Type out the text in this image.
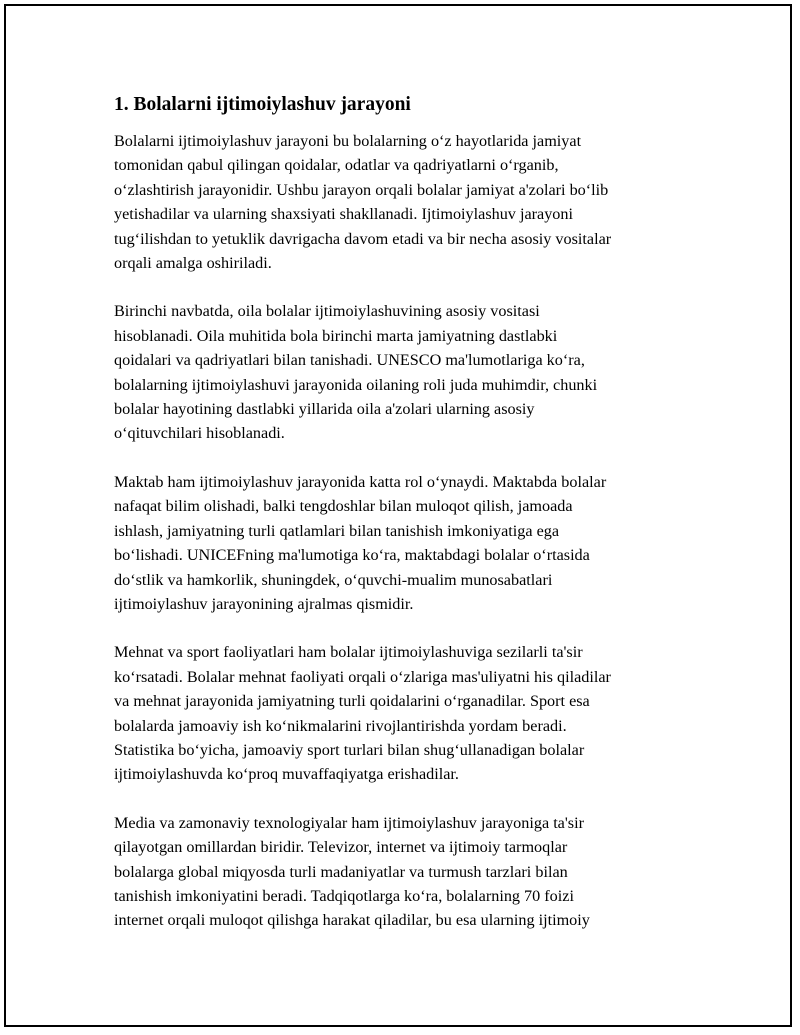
1. Bolalarni ijtimoiylashuv jarayoni
Bolalarni ijtimoiylashuv jarayoni bu bolalarning o‘z hayotlarida jamiyat
tomonidan qabul qilingan qoidalar, odatlar va qadriyatlarni o‘rganib,
o‘zlashtirish jarayonidir. Ushbu jarayon orqali bolalar jamiyat a'zolari bo‘lib
yetishadilar va ularning shaxsiyati shakllanadi. Ijtimoiylashuv jarayoni
tug‘ilishdan to yetuklik davrigacha davom etadi va bir necha asosiy vositalar
orqali amalga oshiriladi.
Birinchi navbatda, oila bolalar ijtimoiylashuvining asosiy vositasi
hisoblanadi. Oila muhitida bola birinchi marta jamiyatning dastlabki
qoidalari va qadriyatlari bilan tanishadi. UNESCO ma'lumotlariga ko‘ra,
bolalarning ijtimoiylashuvi jarayonida oilaning roli juda muhimdir, chunki
bolalar hayotining dastlabki yillarida oila a'zolari ularning asosiy
o‘qituvchilari hisoblanadi.
Maktab ham ijtimoiylashuv jarayonida katta rol o‘ynaydi. Maktabda bolalar
nafaqat bilim olishadi, balki tengdoshlar bilan muloqot qilish, jamoada
ishlash, jamiyatning turli qatlamlari bilan tanishish imkoniyatiga ega
bo‘lishadi. UNICEFning ma'lumotiga ko‘ra, maktabdagi bolalar o‘rtasida
do‘stlik va hamkorlik, shuningdek, o‘quvchi-mualim munosabatlari
ijtimoiylashuv jarayonining ajralmas qismidir.
Mehnat va sport faoliyatlari ham bolalar ijtimoiylashuviga sezilarli ta'sir
ko‘rsatadi. Bolalar mehnat faoliyati orqali o‘zlariga mas'uliyatni his qiladilar
va mehnat jarayonida jamiyatning turli qoidalarini o‘rganadilar. Sport esa
bolalarda jamoaviy ish ko‘nikmalarini rivojlantirishda yordam beradi.
Statistika bo‘yicha, jamoaviy sport turlari bilan shug‘ullanadigan bolalar
ijtimoiylashuvda ko‘proq muvaffaqiyatga erishadilar.
Media va zamonaviy texnologiyalar ham ijtimoiylashuv jarayoniga ta'sir
qilayotgan omillardan biridir. Televizor, internet va ijtimoiy tarmoqlar
bolalarga global miqyosda turli madaniyatlar va turmush tarzlari bilan
tanishish imkoniyatini beradi. Tadqiqotlarga ko‘ra, bolalarning 70 foizi
internet orqali muloqot qilishga harakat qiladilar, bu esa ularning ijtimoiy
